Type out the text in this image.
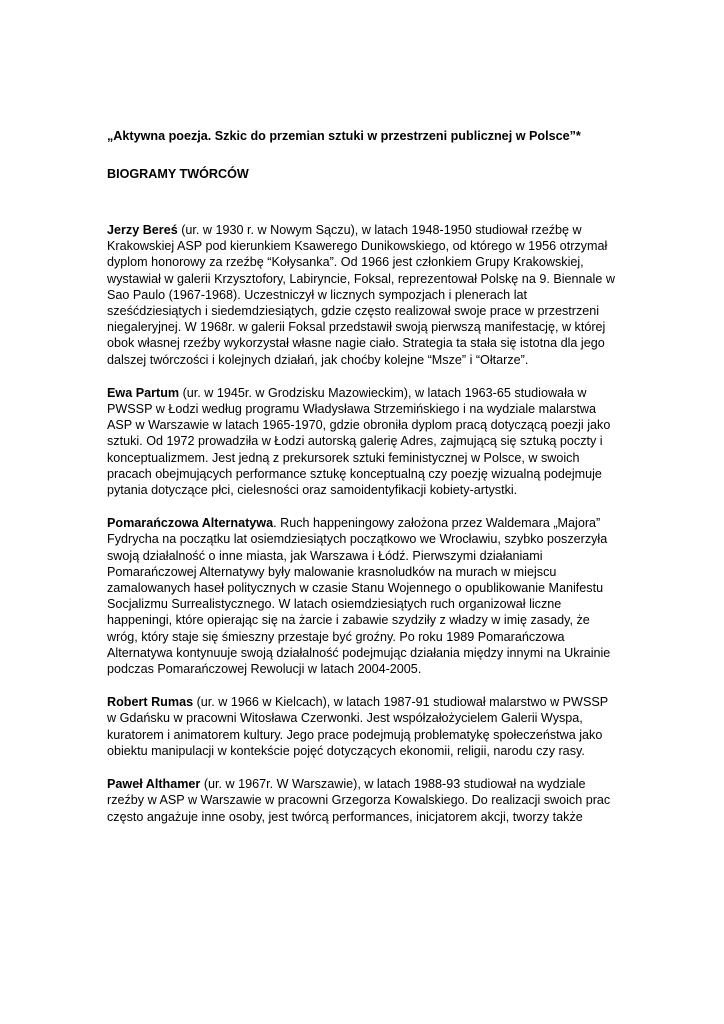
„Aktywna poezja. Szkic do przemian sztuki w przestrzeni publicznej w Polsce”*

BIOGRAMY TWÓRCÓW

Jerzy Bereś (ur. w 1930 r. w Nowym Sączu), w latach 1948-1950 studiował rzeźbę w Krakowskiej ASP pod kierunkiem Ksawerego Dunikowskiego, od którego w 1956 otrzymał dyplom honorowy za rzeźbę “Kołysanka”. Od 1966 jest członkiem Grupy Krakowskiej, wystawiał w galerii Krzysztofory, Labiryncie, Foksal, reprezentował Polskę na 9. Biennale w Sao Paulo (1967-1968). Uczestniczył w licznych sympozjach i plenerach lat sześćdziesiątych i siedemdziesiątych, gdzie często realizował swoje prace w przestrzeni niegaleryjnej. W 1968r. w galerii Foksal przedstawił swoją pierwszą manifestację, w której obok własnej rzeźby wykorzystał własne nagie ciało. Strategia ta stała się istotna dla jego dalszej twórczości i kolejnych działań, jak choćby kolejne “Msze” i “Ołtarze”.

Ewa Partum (ur. w 1945r. w Grodzisku Mazowieckim), w latach 1963-65 studiowała w PWSSP w Łodzi według programu Władysława Strzemińskiego i na wydziale malarstwa ASP w Warszawie w latach 1965-1970, gdzie obroniła dyplom pracą dotyczącą poezji jako sztuki. Od 1972 prowadziła w Łodzi autorską galerię Adres, zajmującą się sztuką poczty i konceptualizmem. Jest jedną z prekursorek sztuki feministycznej w Polsce, w swoich pracach obejmujących performance sztukę konceptualną czy poezję wizualną podejmuje pytania dotyczące płci, cielesności oraz samoidentyfikacji kobiety-artystki.

Pomarańczowa Alternatywa. Ruch happeningowy założona przez Waldemara „Majora” Fydrycha na początku lat osiemdziesiątych początkowo we Wrocławiu, szybko poszerzyła swoją działalność o inne miasta, jak Warszawa i Łódź. Pierwszymi działaniami Pomarańczowej Alternatywy były malowanie krasnoludków na murach w miejscu zamalowanych haseł politycznych w czasie Stanu Wojennego o opublikowanie Manifestu Socjalizmu Surrealistycznego. W latach osiemdziesiątych ruch organizował liczne happeningi, które opierając się na żarcie i zabawie szydziły z władzy w imię zasady, że wróg, który staje się śmieszny przestaje być groźny. Po roku 1989 Pomarańczowa Alternatywa kontynuuje swoją działalność podejmując działania między innymi na Ukrainie podczas Pomarańczowej Rewolucji w latach 2004-2005.

Robert Rumas (ur. w 1966 w Kielcach), w latach 1987-91 studiował malarstwo w PWSSP w Gdańsku w pracowni Witosława Czerwonki. Jest współzałożycielem Galerii Wyspa, kuratorem i animatorem kultury. Jego prace podejmują problematykę społeczeństwa jako obiektu manipulacji w kontekście pojęć dotyczących ekonomii, religii, narodu czy rasy.

Paweł Althamer (ur. w 1967r. W Warszawie), w latach 1988-93 studiował na wydziale rzeźby w ASP w Warszawie w pracowni Grzegorza Kowalskiego. Do realizacji swoich prac często angażuje inne osoby, jest twórcą performances, inicjatorem akcji, tworzy także
